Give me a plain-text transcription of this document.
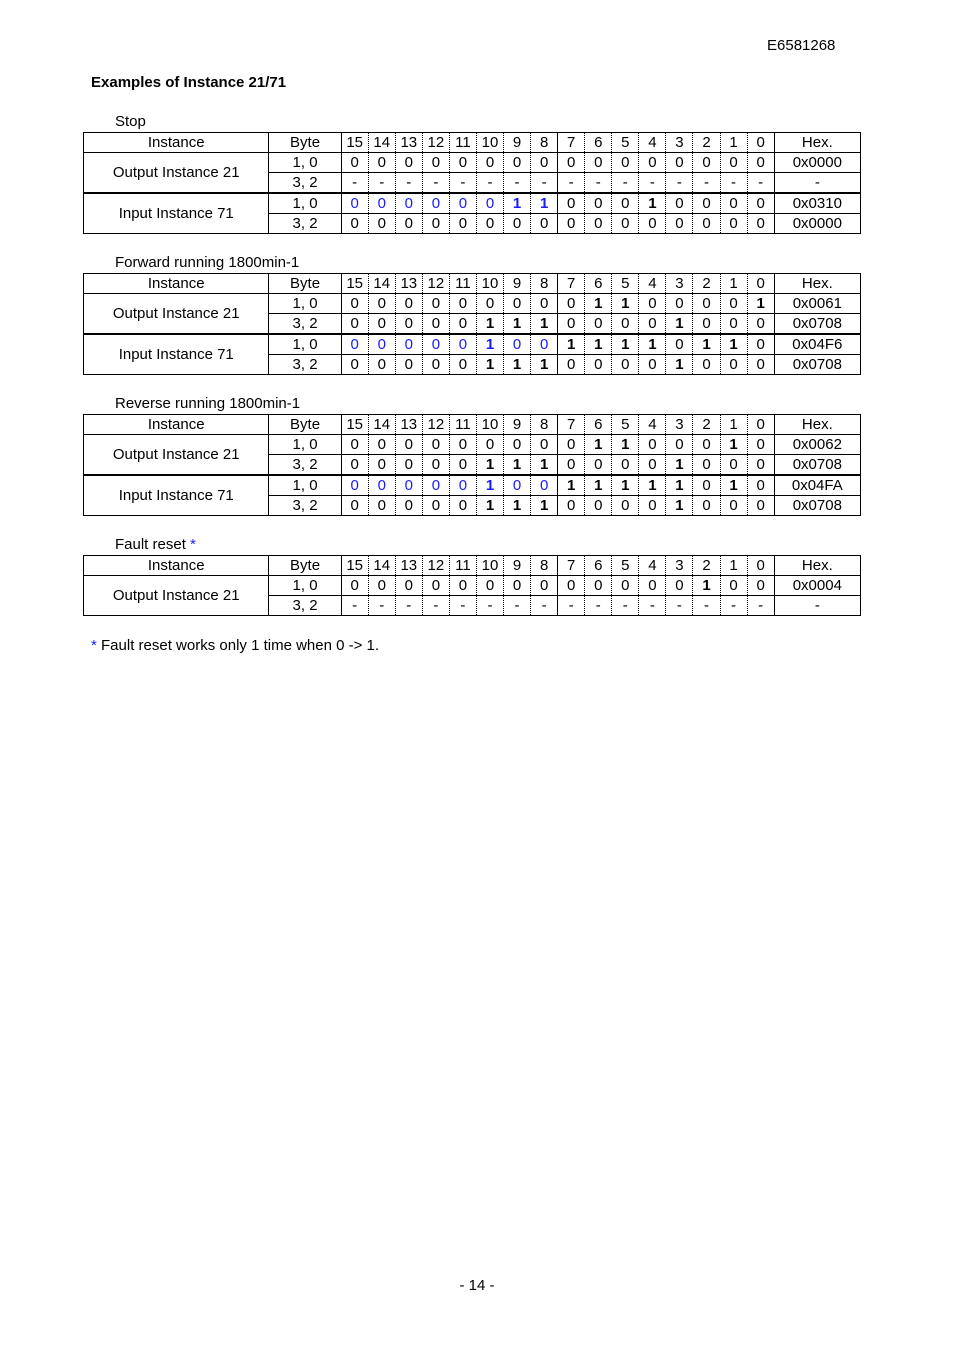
E6581268
Examples of Instance 21/71
Stop
Instance	Byte	15	14	13	12	11	10	9	8	7	6	5	4	3	2	1	0	Hex.
Output Instance 21	1, 0	0	0	0	0	0	0	0	0	0	0	0	0	0	0	0	0	0x0000
	3, 2	-	-	-	-	-	-	-	-	-	-	-	-	-	-	-	-	-
Input Instance 71	1, 0	0	0	0	0	0	0	1	1	0	0	0	1	0	0	0	0	0x0310
	3, 2	0	0	0	0	0	0	0	0	0	0	0	0	0	0	0	0	0x0000
Forward running 1800min-1
Instance	Byte	15	14	13	12	11	10	9	8	7	6	5	4	3	2	1	0	Hex.
Output Instance 21	1, 0	0	0	0	0	0	0	0	0	0	1	1	0	0	0	0	1	0x0061
	3, 2	0	0	0	0	0	1	1	1	0	0	0	0	1	0	0	0	0x0708
Input Instance 71	1, 0	0	0	0	0	0	1	0	0	1	1	1	1	0	1	1	0	0x04F6
	3, 2	0	0	0	0	0	1	1	1	0	0	0	0	1	0	0	0	0x0708
Reverse running 1800min-1
Instance	Byte	15	14	13	12	11	10	9	8	7	6	5	4	3	2	1	0	Hex.
Output Instance 21	1, 0	0	0	0	0	0	0	0	0	0	1	1	0	0	0	1	0	0x0062
	3, 2	0	0	0	0	0	1	1	1	0	0	0	0	1	0	0	0	0x0708
Input Instance 71	1, 0	0	0	0	0	0	1	0	0	1	1	1	1	1	0	1	0	0x04FA
	3, 2	0	0	0	0	0	1	1	1	0	0	0	0	1	0	0	0	0x0708
Fault reset *
Instance	Byte	15	14	13	12	11	10	9	8	7	6	5	4	3	2	1	0	Hex.
Output Instance 21	1, 0	0	0	0	0	0	0	0	0	0	0	0	0	0	1	0	0	0x0004
	3, 2	-	-	-	-	-	-	-	-	-	-	-	-	-	-	-	-	-
* Fault reset works only 1 time when 0 -> 1.
- 14 -
